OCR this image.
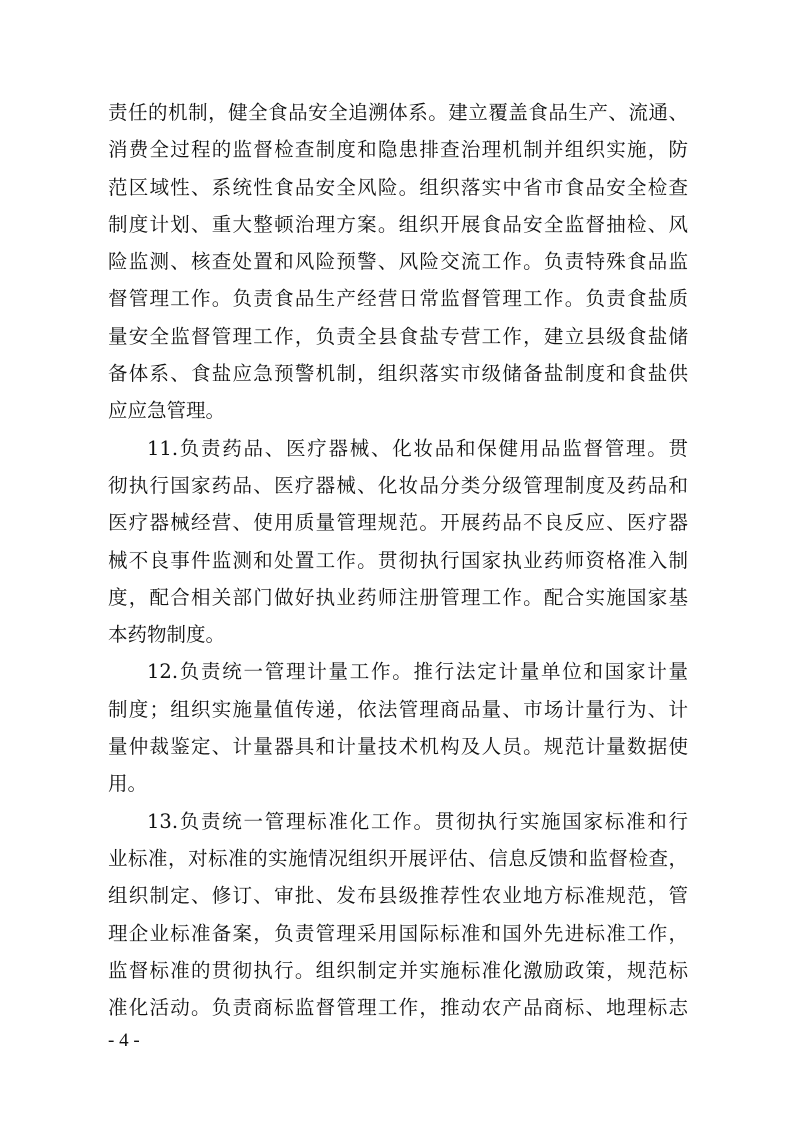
责任的机制，健全食品安全追溯体系。建立覆盖食品生产、流通、
消费全过程的监督检查制度和隐患排查治理机制并组织实施，防
范区域性、系统性食品安全风险。组织落实中省市食品安全检查
制度计划、重大整顿治理方案。组织开展食品安全监督抽检、风
险监测、核查处置和风险预警、风险交流工作。负责特殊食品监
督管理工作。负责食品生产经营日常监督管理工作。负责食盐质
量安全监督管理工作，负责全县食盐专营工作，建立县级食盐储
备体系、食盐应急预警机制，组织落实市级储备盐制度和食盐供
应应急管理。
11.负责药品、医疗器械、化妆品和保健用品监督管理。贯
彻执行国家药品、医疗器械、化妆品分类分级管理制度及药品和
医疗器械经营、使用质量管理规范。开展药品不良反应、医疗器
械不良事件监测和处置工作。贯彻执行国家执业药师资格准入制
度，配合相关部门做好执业药师注册管理工作。配合实施国家基
本药物制度。
12.负责统一管理计量工作。推行法定计量单位和国家计量
制度；组织实施量值传递，依法管理商品量、市场计量行为、计
量仲裁鉴定、计量器具和计量技术机构及人员。规范计量数据使
用。
13.负责统一管理标准化工作。贯彻执行实施国家标准和行
业标准，对标准的实施情况组织开展评估、信息反馈和监督检查，
组织制定、修订、审批、发布县级推荐性农业地方标准规范，管
理企业标准备案，负责管理采用国际标准和国外先进标准工作，
监督标准的贯彻执行。组织制定并实施标准化激励政策，规范标
准化活动。负责商标监督管理工作，推动农产品商标、地理标志
- 4 -
